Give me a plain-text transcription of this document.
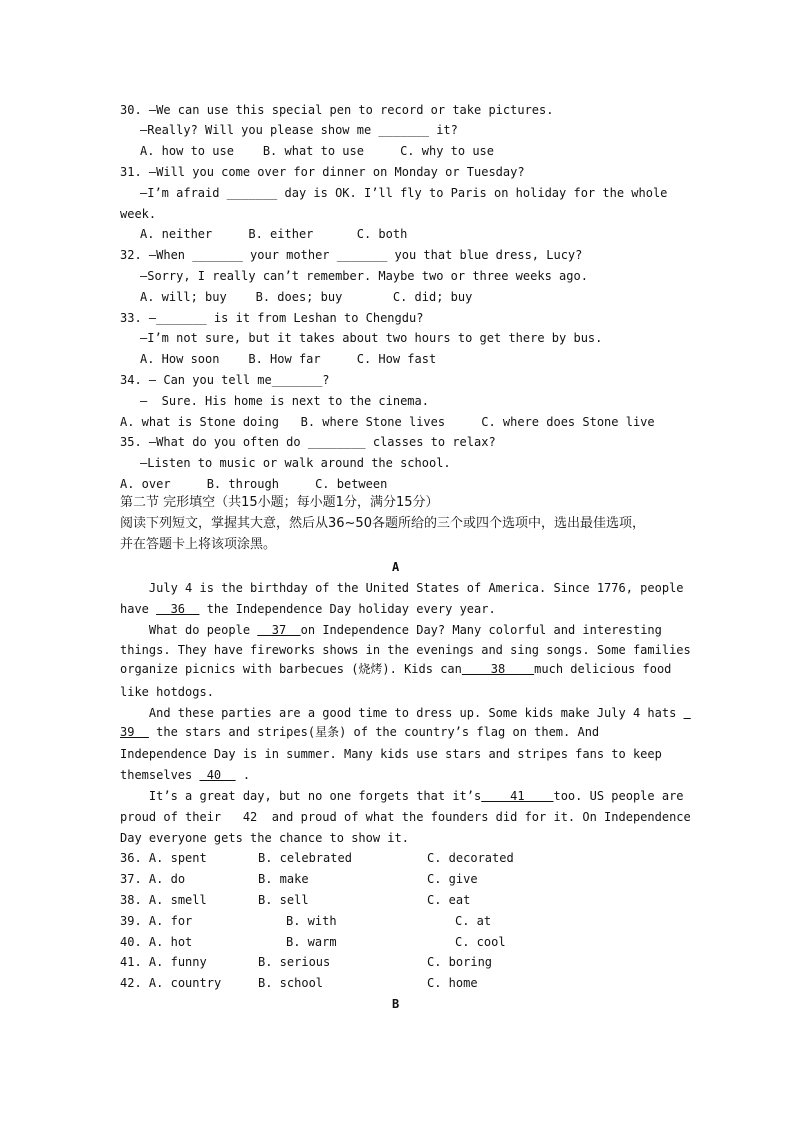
30. –We can use this special pen to record or take pictures.
–Really? Will you please show me _______ it?
A. how to use    B. what to use     C. why to use
31. –Will you come over for dinner on Monday or Tuesday?
–I’m afraid _______ day is OK. I’ll fly to Paris on holiday for the whole
week.
A. neither     B. either      C. both
32. –When _______ your mother _______ you that blue dress, Lucy?
–Sorry, I really can’t remember. Maybe two or three weeks ago.
A. will; buy    B. does; buy       C. did; buy
33. –_______ is it from Leshan to Chengdu?
–I’m not sure, but it takes about two hours to get there by bus.
A. How soon    B. How far     C. How fast
34. – Can you tell me_______?
–  Sure. His home is next to the cinema.
A. what is Stone doing   B. where Stone lives     C. where does Stone live
35. –What do you often do ________ classes to relax?
–Listen to music or walk around the school.
A. over     B. through     C. between
第二节 完形填空（共15小题；每小题1分，满分15分）
阅读下列短文，掌握其大意，然后从36~50各题所给的三个或四个选项中，选出最佳选项，
并在答题卡上将该项涂黑。
A
July 4 is the birthday of the United States of America. Since 1776, people
have   36   the Independence Day holiday every year.
What do people   37  on Independence Day? Many colorful and interesting
things. They have fireworks shows in the evenings and sing songs. Some families
organize picnics with barbecues (烧烤). Kids can    38    much delicious food
like hotdogs.
And these parties are a good time to dress up. Some kids make July 4 hats
39   the stars and stripes(星条) of the country’s flag on them. And
Independence Day is in summer. Many kids use stars and stripes fans to keep
themselves  40   .
It’s a great day, but no one forgets that it’s    41    too. US people are
proud of their   42  and proud of what the founders did for it. On Independence
Day everyone gets the chance to show it.
36. A. spent	B. celebrated	C. decorated
37. A. do	B. make	C. give
38. A. smell	B. sell	C. eat
39. A. for	B. with	C. at
40. A. hot	B. warm	C. cool
41. A. funny	B. serious	C. boring
42. A. country	B. school	C. home
B
